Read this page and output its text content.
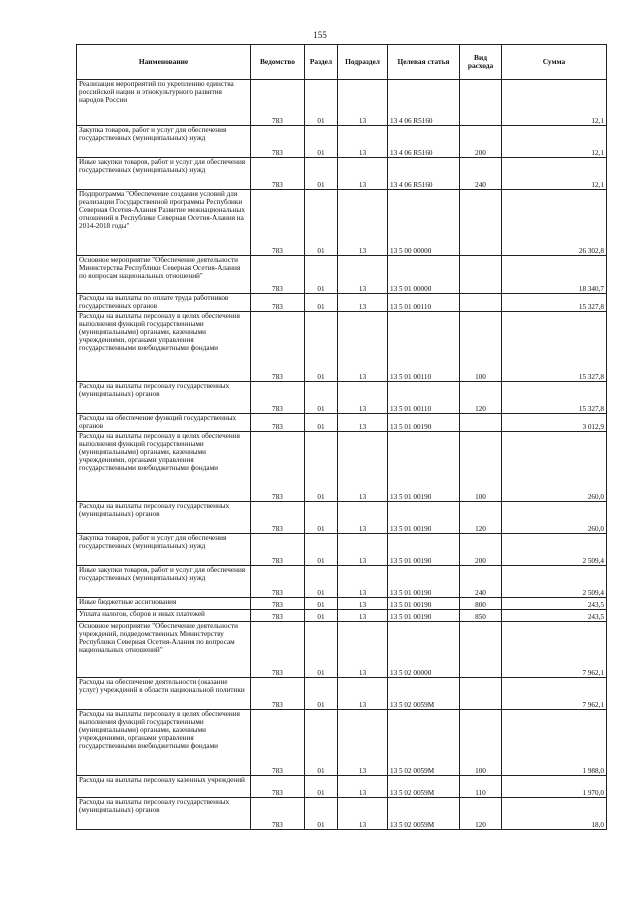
155
Наименование	Ведомство	Раздел	Подраздел	Целевая статья	Вид расхода	Сумма
Реализация мероприятий по укреплению единства российской нации и этнокультурного развития народов России	783	01	13	13 4 06 R5160		12,1
Закупка товаров, работ и услуг для обеспечения государственных (муниципальных) нужд	783	01	13	13 4 06 R5160	200	12,1
Иные закупки товаров, работ и услуг для обеспечения государственных (муниципальных) нужд	783	01	13	13 4 06 R5160	240	12,1
Подпрограмма "Обеспечение создания условий для реализации Государственной программы Республики Северная Осетия-Алания Развитие межнациональных отношений в Республике Северная Осетия-Алания на 2014-2018 годы"	783	01	13	13 5 00 00000		26 302,8
Основное мероприятие "Обеспечение деятельности Министерства Республики Северная Осетия-Алания по вопросам национальных отношений"	783	01	13	13 5 01 00000		18 340,7
Расходы на выплаты по оплате труда работников государственных органов	783	01	13	13 5 01 00110		15 327,8
Расходы на выплаты персоналу в целях обеспечения выполнения функций государственными (муниципальными) органами, казенными учреждениями, органами управления государственными внебюджетными фондами	783	01	13	13 5 01 00110	100	15 327,8
Расходы на выплаты персоналу государственных (муниципальных) органов	783	01	13	13 5 01 00110	120	15 327,8
Расходы на обеспечение функций государственных органов	783	01	13	13 5 01 00190		3 012,9
Расходы на выплаты персоналу в целях обеспечения выполнения функций государственными (муниципальными) органами, казенными учреждениями, органами управления государственными внебюджетными фондами	783	01	13	13 5 01 00190	100	260,0
Расходы на выплаты персоналу государственных (муниципальных) органов	783	01	13	13 5 01 00190	120	260,0
Закупка товаров, работ и услуг для обеспечения государственных (муниципальных) нужд	783	01	13	13 5 01 00190	200	2 509,4
Иные закупки товаров, работ и услуг для обеспечения государственных (муниципальных) нужд	783	01	13	13 5 01 00190	240	2 509,4
Иные бюджетные ассигнования	783	01	13	13 5 01 00190	800	243,5
Уплата налогов, сборов и иных платежей	783	01	13	13 5 01 00190	850	243,5
Основное мероприятие "Обеспечение деятельности учреждений, подведомственных Министерству Республики Северная Осетия-Алания по вопросам национальных отношений"	783	01	13	13 5 02 00000		7 962,1
Расходы на обеспечение деятельности (оказание услуг) учреждений в области национальной политики	783	01	13	13 5 02 0059М		7 962,1
Расходы на выплаты персоналу в целях обеспечения выполнения функций государственными (муниципальными) органами, казенными учреждениями, органами управления государственными внебюджетными фондами	783	01	13	13 5 02 0059М	100	1 988,0
Расходы на выплаты персоналу казенных учреждений	783	01	13	13 5 02 0059М	110	1 970,0
Расходы на выплаты персоналу государственных (муниципальных) органов	783	01	13	13 5 02 0059М	120	18,0
